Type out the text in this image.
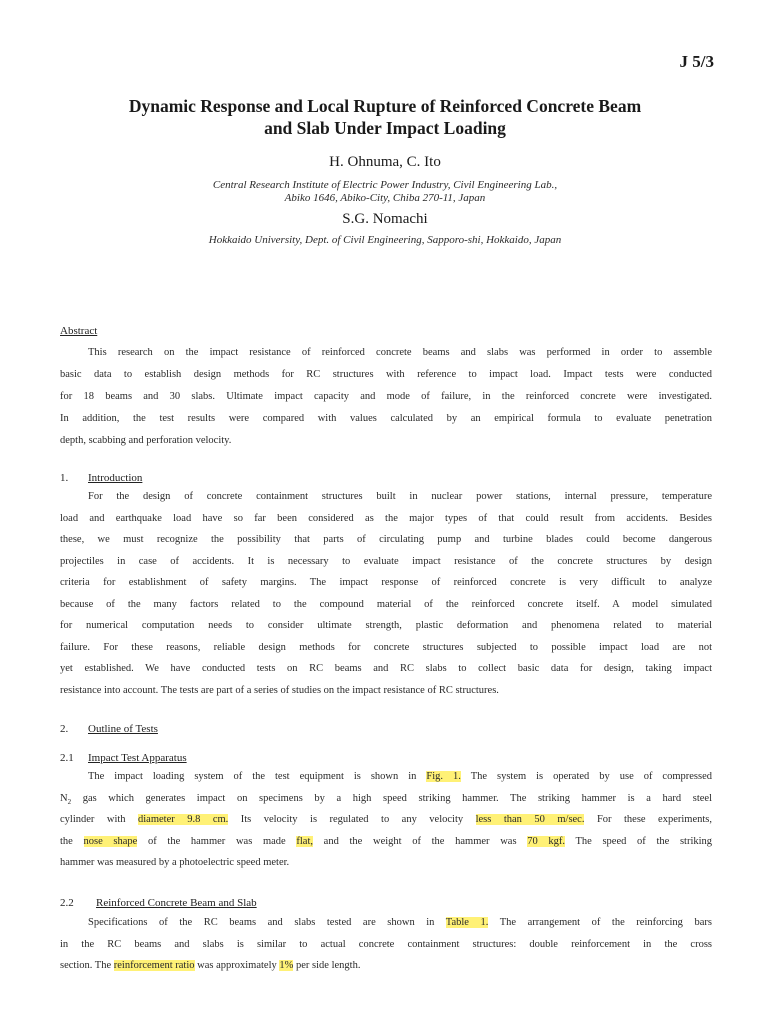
J 5/3
Dynamic Response and Local Rupture of Reinforced Concrete Beam
and Slab Under Impact Loading
H. Ohnuma, C. Ito
Central Research Institute of Electric Power Industry, Civil Engineering Lab.,
Abiko 1646, Abiko-City, Chiba 270-11, Japan
S.G. Nomachi
Hokkaido University, Dept. of Civil Engineering, Sapporo-shi, Hokkaido, Japan
Abstract
This research on the impact resistance of reinforced concrete beams and slabs was performed in order to assemble
basic data to establish design methods for RC structures with reference to impact load. Impact tests were conducted
for 18 beams and 30 slabs. Ultimate impact capacity and mode of failure, in the reinforced concrete were investigated.
In addition, the test results were compared with values calculated by an empirical formula to evaluate penetration
depth, scabbing and perforation velocity.
1. Introduction
For the design of concrete containment structures built in nuclear power stations, internal pressure, temperature
load and earthquake load have so far been considered as the major types of that could result from accidents. Besides
these, we must recognize the possibility that parts of circulating pump and turbine blades could become dangerous
projectiles in case of accidents. It is necessary to evaluate impact resistance of the concrete structures by design
criteria for establishment of safety margins. The impact response of reinforced concrete is very difficult to analyze
because of the many factors related to the compound material of the reinforced concrete itself. A model simulated
for numerical computation needs to consider ultimate strength, plastic deformation and phenomena related to material
failure. For these reasons, reliable design methods for concrete structures subjected to possible impact load are not
yet established. We have conducted tests on RC beams and RC slabs to collect basic data for design, taking impact
resistance into account. The tests are part of a series of studies on the impact resistance of RC structures.
2. Outline of Tests
2.1 Impact Test Apparatus
The impact loading system of the test equipment is shown in Fig. 1. The system is operated by use of compressed
$N_2$ gas which generates impact on specimens by a high speed striking hammer. The striking hammer is a hard steel
cylinder with diameter 9.8 cm. Its velocity is regulated to any velocity less than 50 m/sec. For these experiments,
the nose shape of the hammer was made flat, and the weight of the hammer was 70 kgf. The speed of the striking
hammer was measured by a photoelectric speed meter.
2.2 Reinforced Concrete Beam and Slab
Specifications of the RC beams and slabs tested are shown in Table 1. The arrangement of the reinforcing bars
in the RC beams and slabs is similar to actual concrete containment structures: double reinforcement in the cross
section. The reinforcement ratio was approximately 1% per side length.
